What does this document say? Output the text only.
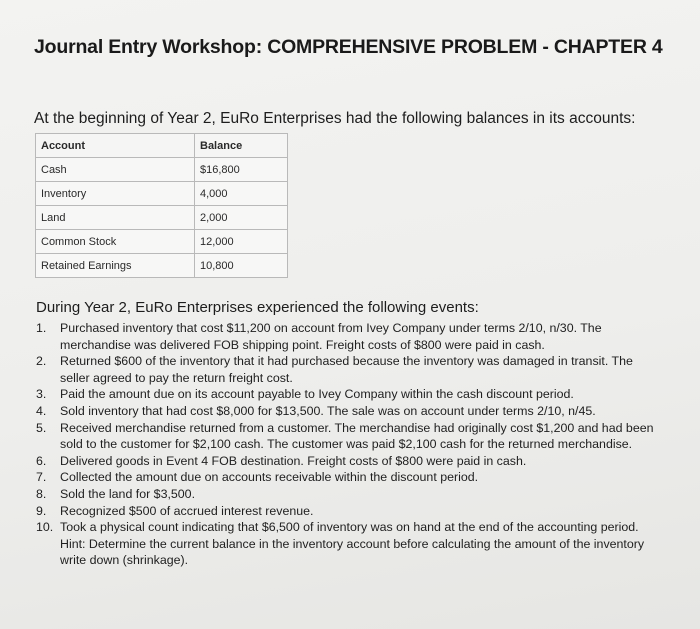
Journal Entry Workshop: COMPREHENSIVE PROBLEM - CHAPTER 4
At the beginning of Year 2, EuRo Enterprises had the following balances in its accounts:
Account	Balance
Cash	$16,800
Inventory	4,000
Land	2,000
Common Stock	12,000
Retained Earnings	10,800
During Year 2, EuRo Enterprises experienced the following events:
1.	Purchased inventory that cost $11,200 on account from Ivey Company under terms 2/10, n/30. The merchandise was delivered FOB shipping point. Freight costs of $800 were paid in cash.
2.	Returned $600 of the inventory that it had purchased because the inventory was damaged in transit. The seller agreed to pay the return freight cost.
3.	Paid the amount due on its account payable to Ivey Company within the cash discount period.
4.	Sold inventory that had cost $8,000 for $13,500. The sale was on account under terms 2/10, n/45.
5.	Received merchandise returned from a customer. The merchandise had originally cost $1,200 and had been sold to the customer for $2,100 cash. The customer was paid $2,100 cash for the returned merchandise.
6.	Delivered goods in Event 4 FOB destination. Freight costs of $800 were paid in cash.
7.	Collected the amount due on accounts receivable within the discount period.
8.	Sold the land for $3,500.
9.	Recognized $500 of accrued interest revenue.
10. Took a physical count indicating that $6,500 of inventory was on hand at the end of the accounting period. Hint: Determine the current balance in the inventory account before calculating the amount of the inventory write down (shrinkage).
